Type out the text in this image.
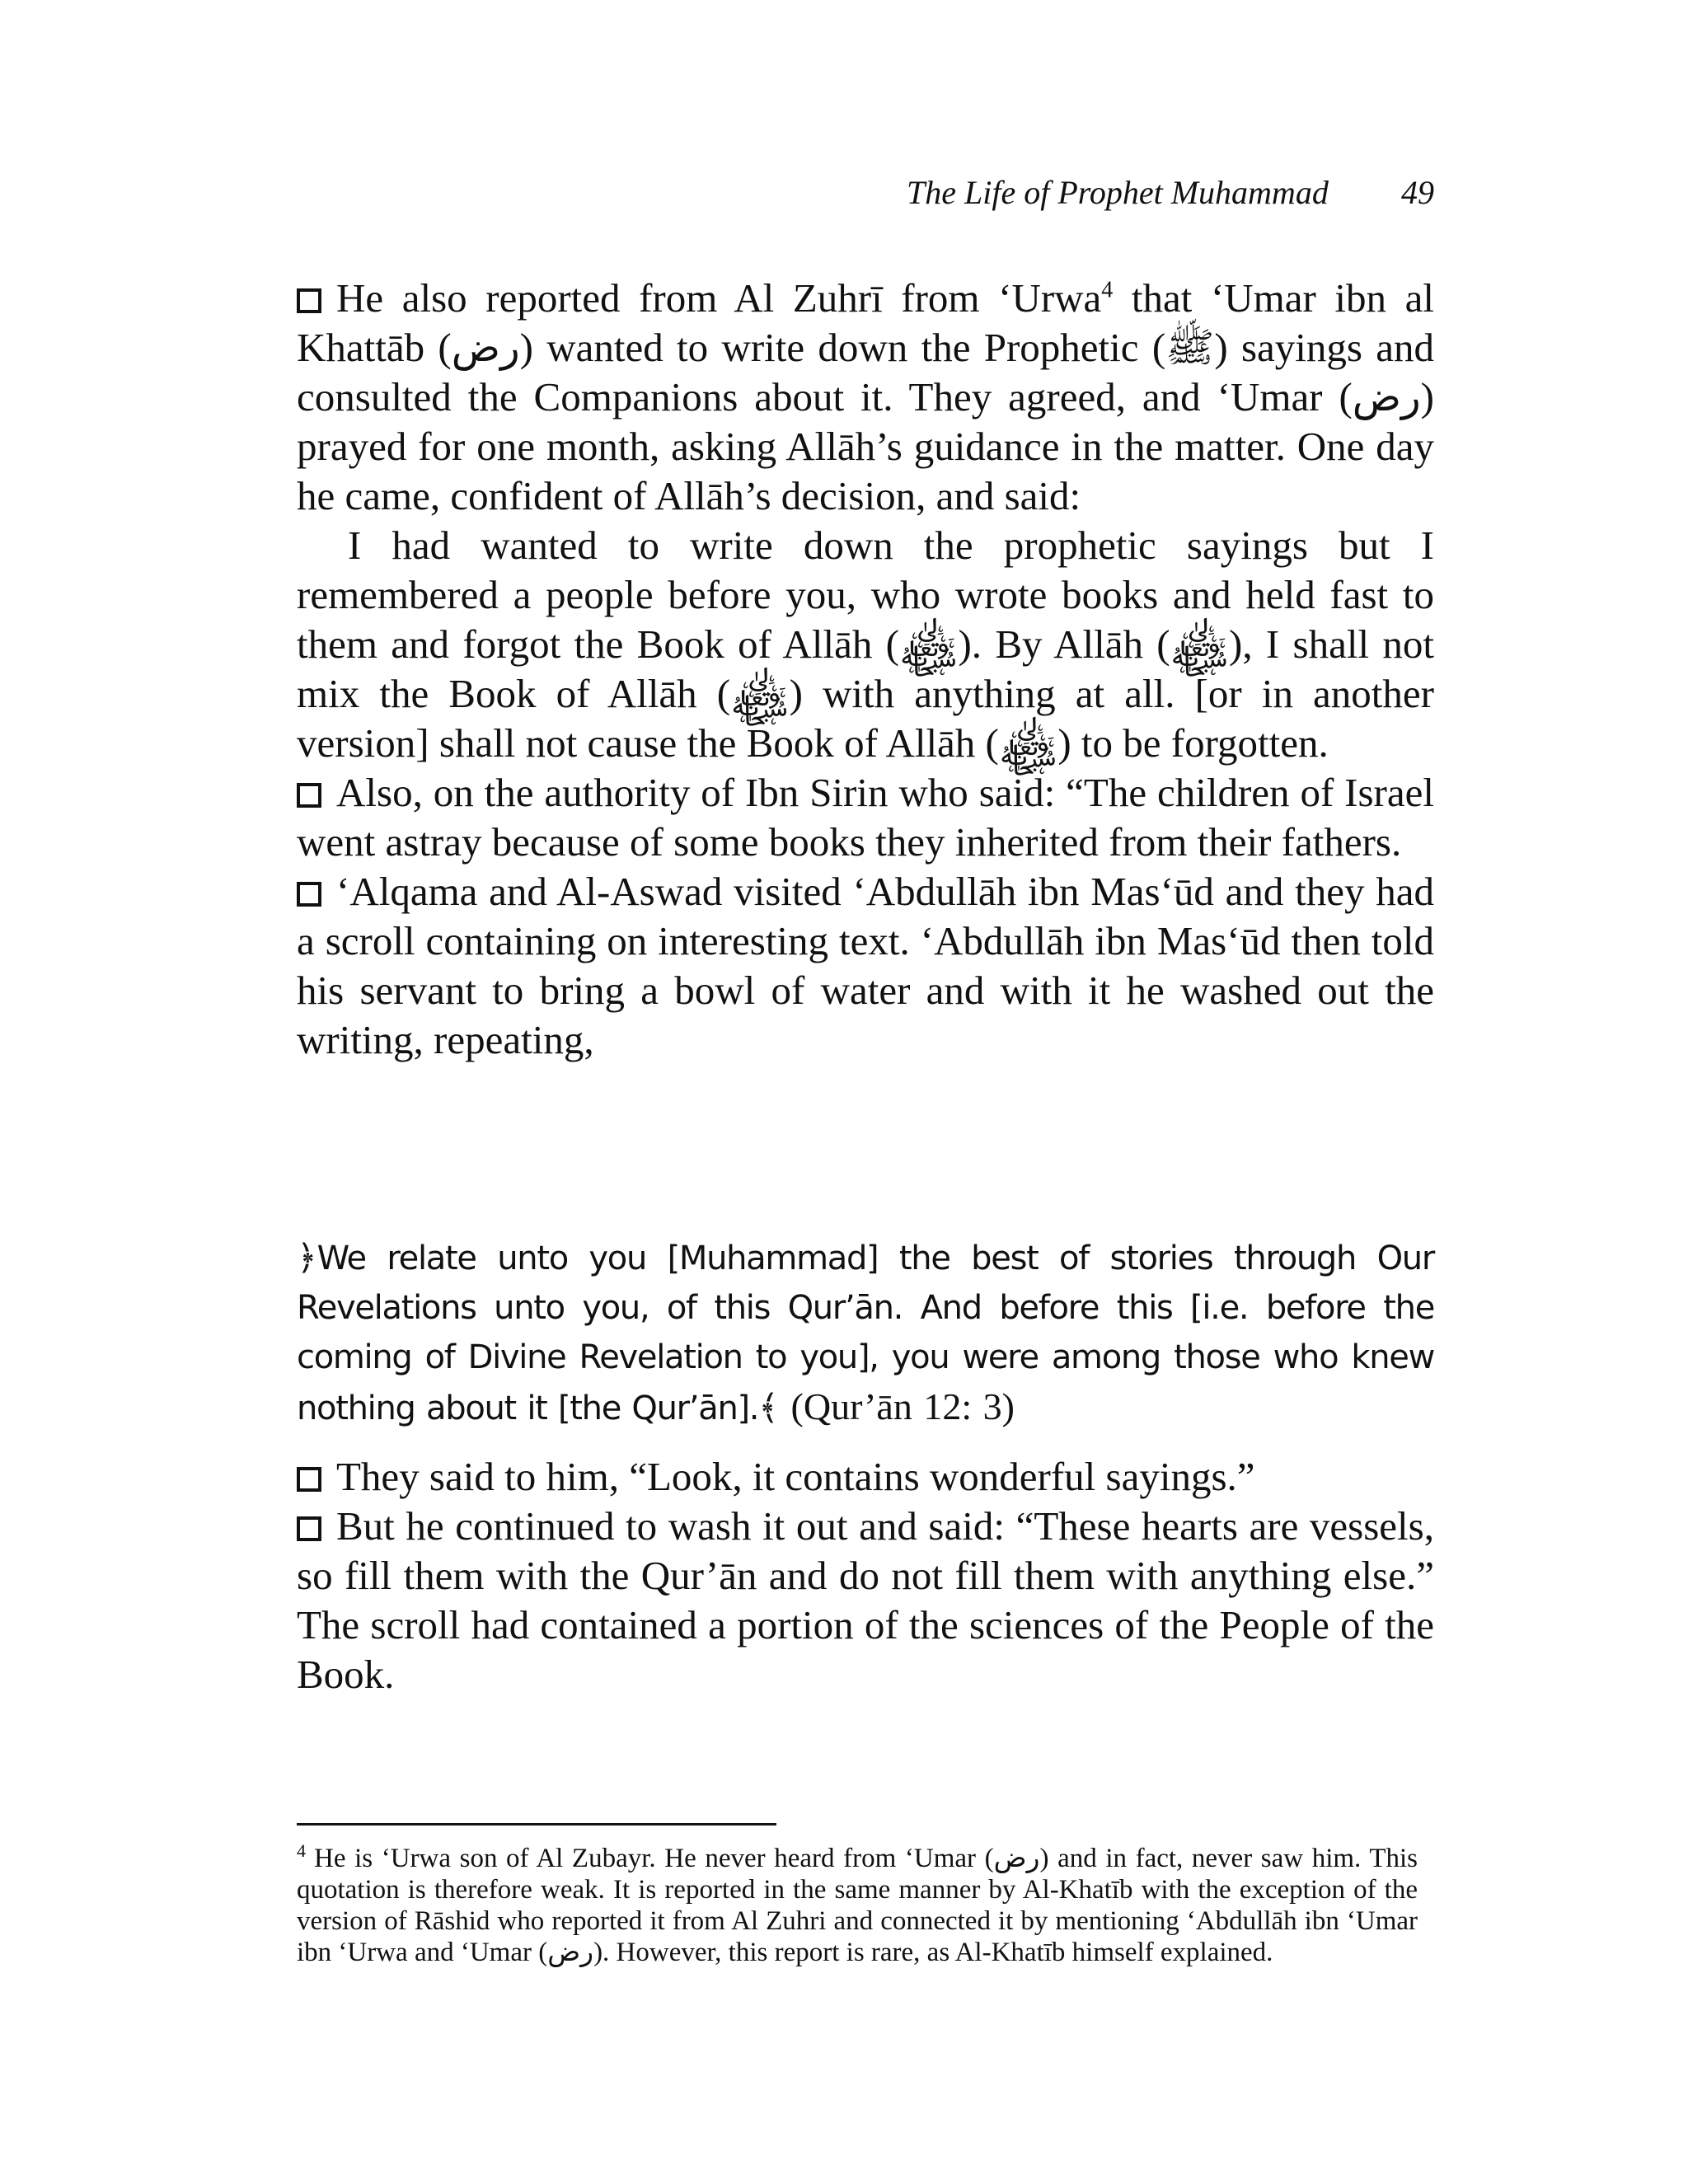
The Life of Prophet Muhammad 49

He also reported from Al Zuhrī from ‘Urwa$^4$ that ‘Umar ibn al Khattāb (رض) wanted to write down the Prophetic (ﷺ) sayings and consulted the Companions about it. They agreed, and ‘Umar (رض) prayed for one month, asking Allāh’s guidance in the matter. One day he came, confident of Allāh’s decision, and said:

I had wanted to write down the prophetic sayings but I remembered a people before you, who wrote books and held fast to them and forgot the Book of Allāh (﷾). By Allāh (﷾), I shall not mix the Book of Allāh (﷾) with anything at all. [or in another version] shall not cause the Book of Allāh (﷾) to be forgotten.

Also, on the authority of Ibn Sirin who said: “The children of Israel went astray because of some books they inherited from their fathers.

‘Alqama and Al-Aswad visited ‘Abdullāh ibn Mas‘ūd and they had a scroll containing on interesting text. ‘Abdullāh ibn Mas‘ūd then told his servant to bring a bowl of water and with it he washed out the writing, repeating,

﴿We relate unto you [Muhammad] the best of stories through Our Revelations unto you, of this Qur’ān. And before this [i.e. before the coming of Divine Revelation to you], you were among those who knew nothing about it [the Qur’ān].﴾ (Qur’ān 12: 3)

They said to him, “Look, it contains wonderful sayings.”

But he continued to wash it out and said: “These hearts are vessels, so fill them with the Qur’ān and do not fill them with anything else.” The scroll had contained a portion of the sciences of the People of the Book.

$^4$ He is ‘Urwa son of Al Zubayr. He never heard from ‘Umar (رض) and in fact, never saw him. This quotation is therefore weak. It is reported in the same manner by Al-Khatīb with the exception of the version of Rāshid who reported it from Al Zuhri and connected it by mentioning ‘Abdullāh ibn ‘Umar ibn ‘Urwa and ‘Umar (رض). However, this report is rare, as Al-Khatīb himself explained.
